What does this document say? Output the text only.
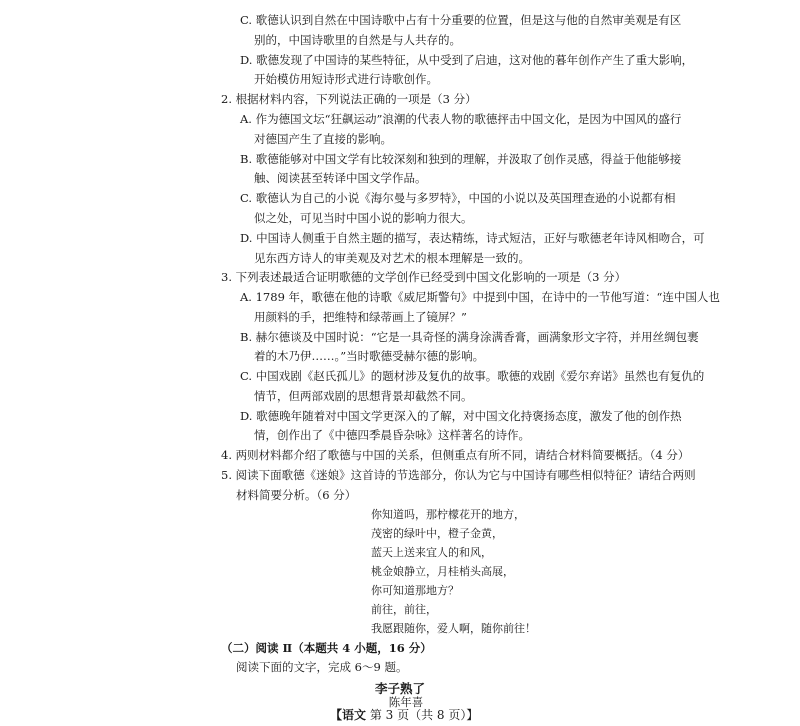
C. 歌德认识到自然在中国诗歌中占有十分重要的位置，但是这与他的自然审美观是有区
别的，中国诗歌里的自然是与人共存的。
D. 歌德发现了中国诗的某些特征，从中受到了启迪，这对他的暮年创作产生了重大影响，
开始模仿用短诗形式进行诗歌创作。
2. 根据材料内容，下列说法正确的一项是（3 分）
A. 作为德国文坛“狂飙运动”浪潮的代表人物的歌德抨击中国文化，是因为中国风的盛行
对德国产生了直接的影响。
B. 歌德能够对中国文学有比较深刻和独到的理解，并汲取了创作灵感，得益于他能够接
触、阅读甚至转译中国文学作品。
C. 歌德认为自己的小说《海尔曼与多罗特》，中国的小说以及英国理查逊的小说都有相
似之处，可见当时中国小说的影响力很大。
D. 中国诗人侧重于自然主题的描写，表达精练，诗式短洁，正好与歌德老年诗风相吻合，可
见东西方诗人的审美观及对艺术的根本理解是一致的。
3. 下列表述最适合证明歌德的文学创作已经受到中国文化影响的一项是（3 分）
A. 1789 年，歌德在他的诗歌《威尼斯警句》中提到中国，在诗中的一节他写道：“连中国人也
用颜料的手，把维特和绿蒂画上了镜屏？”
B. 赫尔德谈及中国时说：“它是一具奇怪的满身涂满香膏，画满象形文字符，并用丝绸包裹
着的木乃伊……。”当时歌德受赫尔德的影响。
C. 中国戏剧《赵氏孤儿》的题材涉及复仇的故事。歌德的戏剧《爱尔弃诺》虽然也有复仇的
情节，但两部戏剧的思想背景却截然不同。
D. 歌德晚年随着对中国文学更深入的了解，对中国文化持褒扬态度，激发了他的创作热
情，创作出了《中德四季晨昏杂咏》这样著名的诗作。
4. 两则材料都介绍了歌德与中国的关系，但侧重点有所不同，请结合材料简要概括。（4 分）
5. 阅读下面歌德《迷娘》这首诗的节选部分，你认为它与中国诗有哪些相似特征？请结合两则
材料简要分析。（6 分）
你知道吗，那柠檬花开的地方，
茂密的绿叶中，橙子金黄，
蓝天上送来宜人的和风，
桃金娘静立，月桂梢头高展，
你可知道那地方？
前往，前往，
我愿跟随你，爱人啊，随你前往！
（二）阅读 Ⅱ（本题共 4 小题，16 分）
阅读下面的文字，完成 6～9 题。
李子熟了
陈年喜
【语文 第 3 页（共 8 页）】
